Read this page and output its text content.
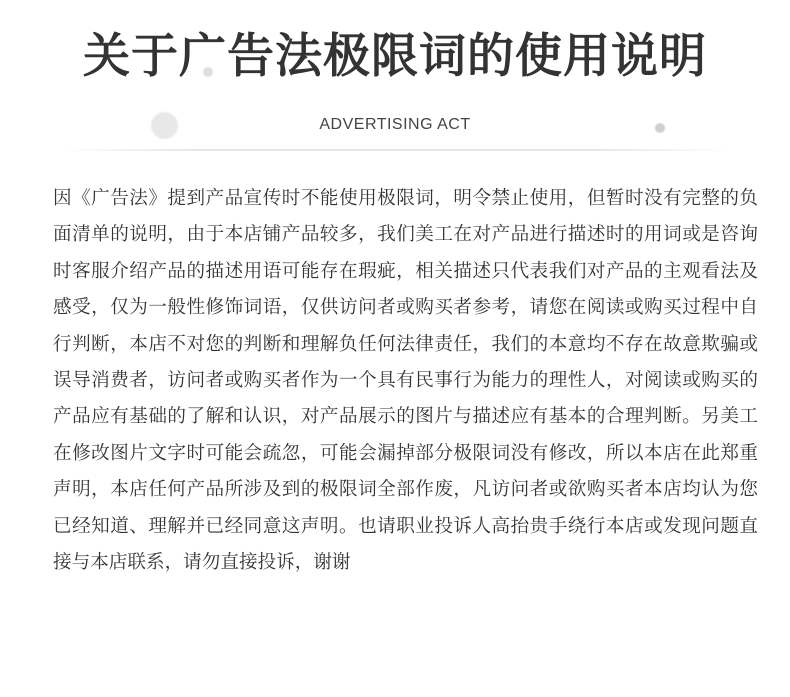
关于广告法极限词的使用说明
ADVERTISING ACT

因《广告法》提到产品宣传时不能使用极限词，明令禁止使用，但暂时没有完整的负面清单的说明，由于本店铺产品较多，我们美工在对产品进行描述时的用词或是咨询时客服介绍产品的描述用语可能存在瑕疵，相关描述只代表我们对产品的主观看法及感受，仅为一般性修饰词语，仅供访问者或购买者参考，请您在阅读或购买过程中自行判断，本店不对您的判断和理解负任何法律责任，我们的本意均不存在故意欺骗或误导消费者，访问者或购买者作为一个具有民事行为能力的理性人，对阅读或购买的产品应有基础的了解和认识，对产品展示的图片与描述应有基本的合理判断。另美工在修改图片文字时可能会疏忽，可能会漏掉部分极限词没有修改，所以本店在此郑重声明，本店任何产品所涉及到的极限词全部作废，凡访问者或欲购买者本店均认为您已经知道、理解并已经同意这声明。也请职业投诉人高抬贵手绕行本店或发现问题直接与本店联系，请勿直接投诉，谢谢
